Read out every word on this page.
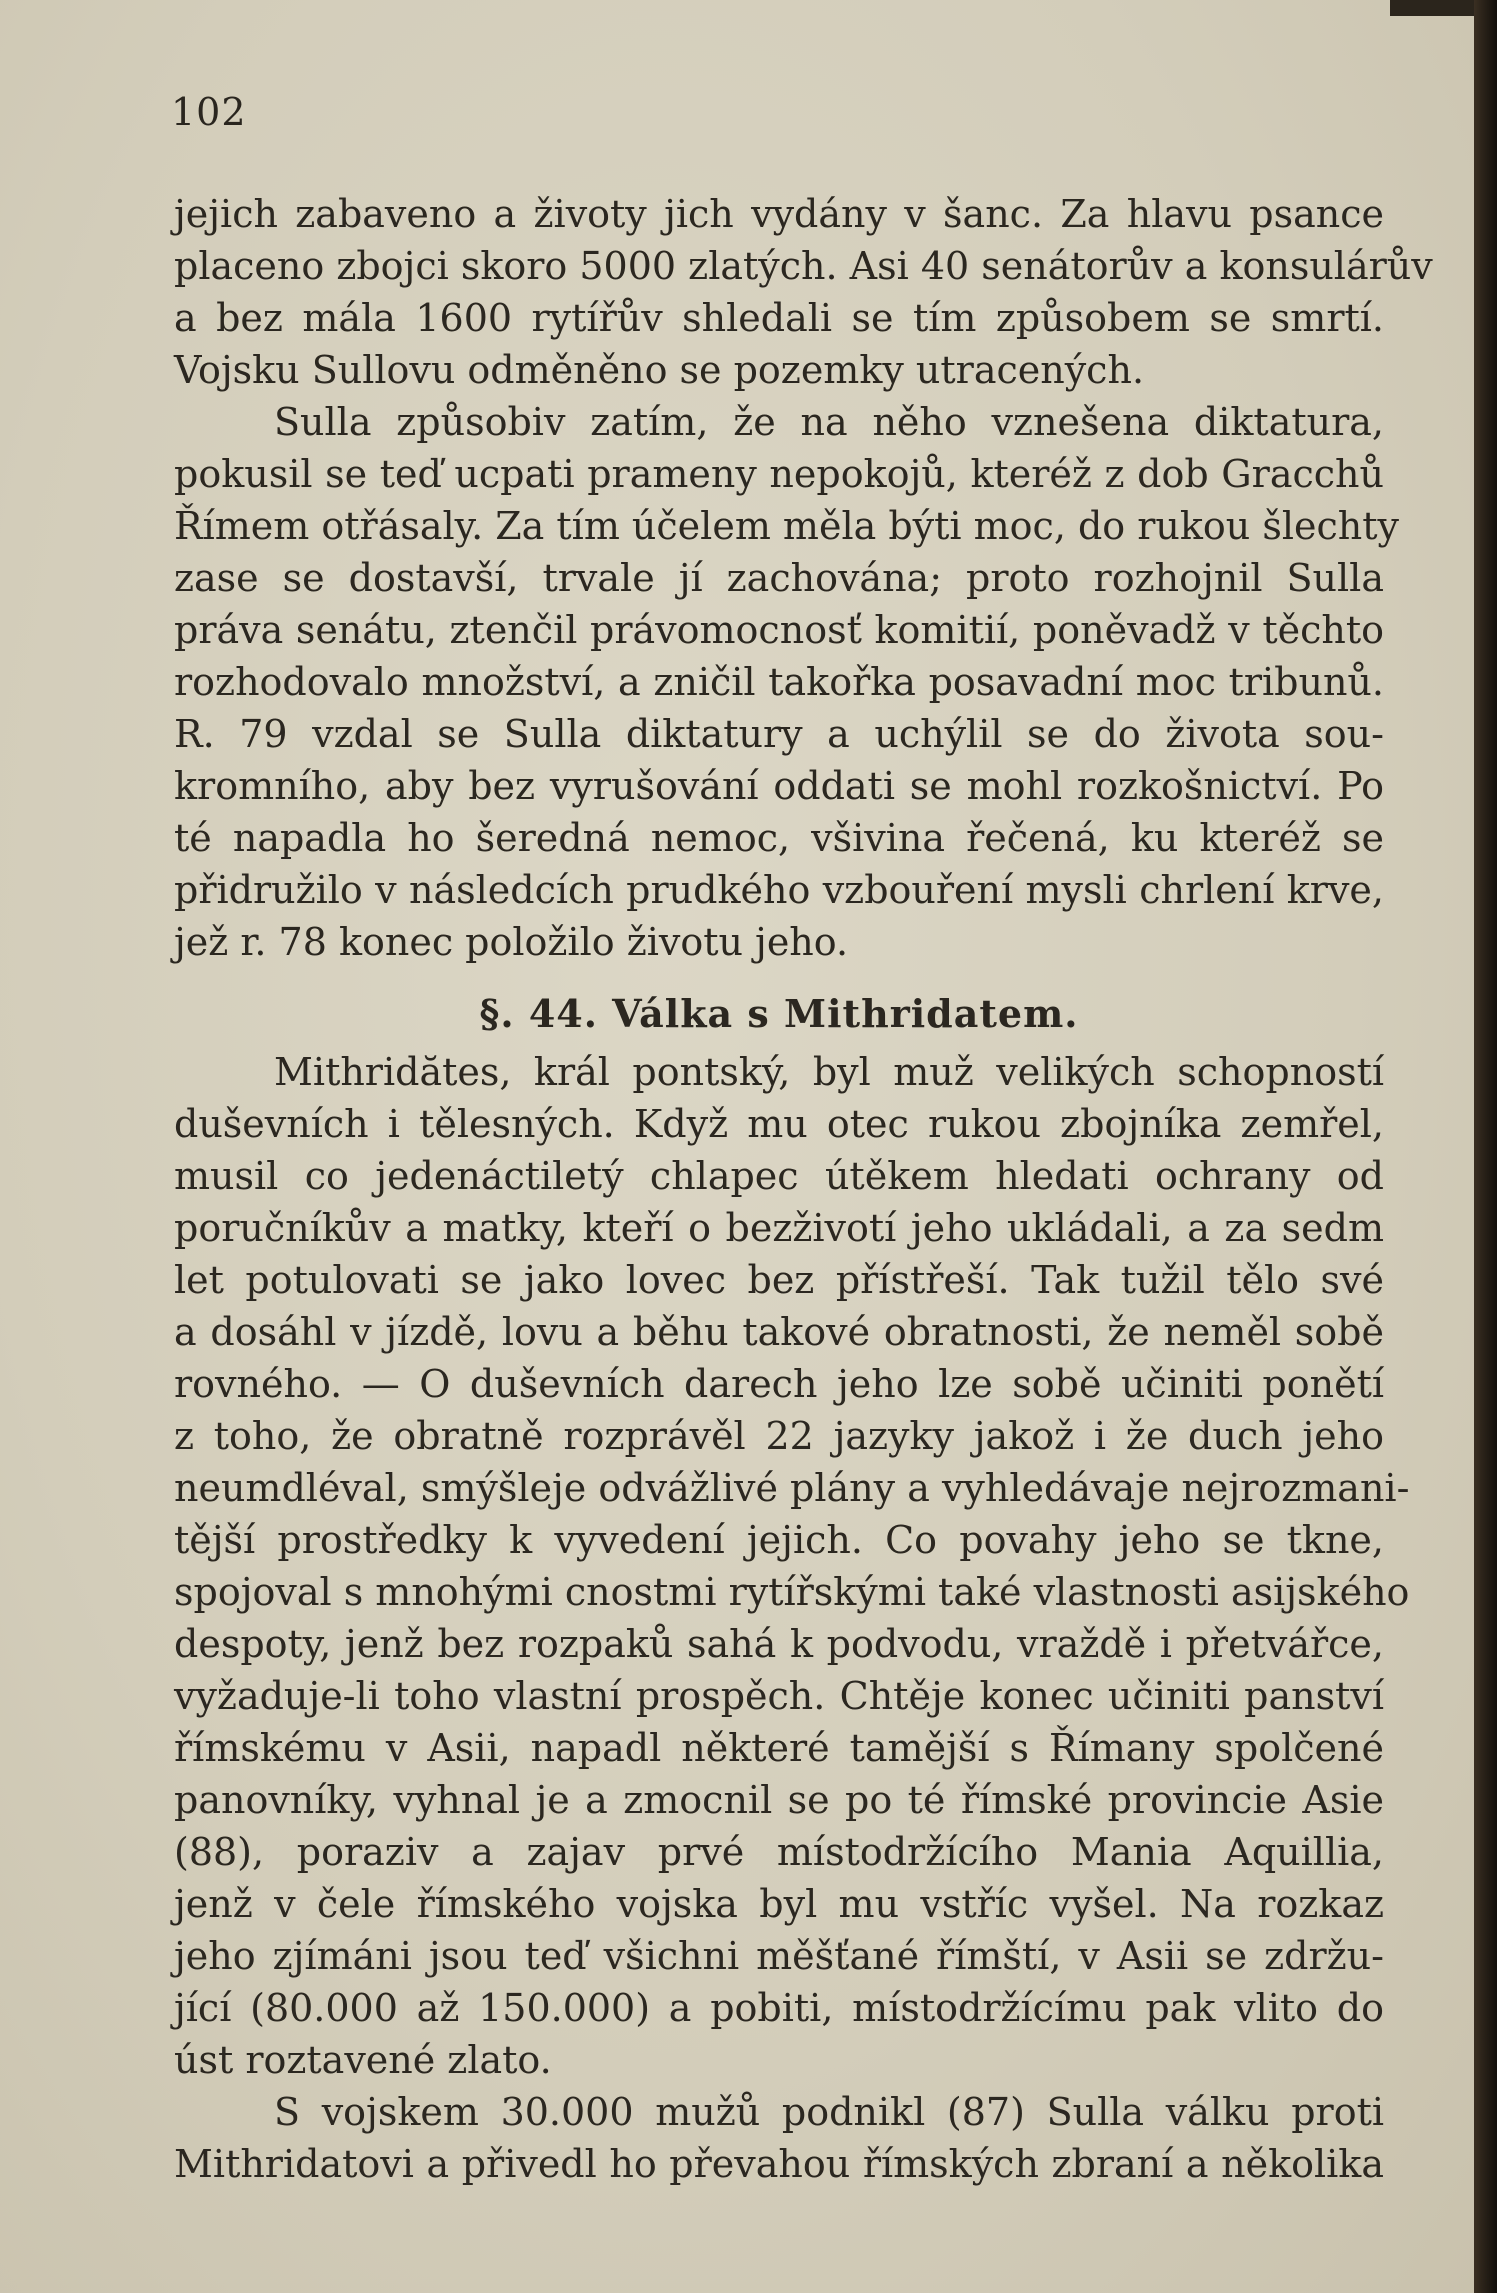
102
jejich zabaveno a životy jich vydány v šanc. Za hlavu psance
placeno zbojci skoro 5000 zlatých. Asi 40 senátorův a konsulárův
a bez mála 1600 rytířův shledali se tím způsobem se smrtí.
Vojsku Sullovu odměněno se pozemky utracených.
Sulla způsobiv zatím, že na něho vznešena diktatura,
pokusil se teď ucpati prameny nepokojů, kteréž z dob Gracchů
Římem otřásaly. Za tím účelem měla býti moc, do rukou šlechty
zase se dostavší, trvale jí zachována; proto rozhojnil Sulla
práva senátu, ztenčil právomocnosť komitií, poněvadž v těchto
rozhodovalo množství, a zničil takořka posavadní moc tribunů.
R. 79 vzdal se Sulla diktatury a uchýlil se do života sou-
kromního, aby bez vyrušování oddati se mohl rozkošnictví. Po
té napadla ho šeredná nemoc, všivina řečená, ku kteréž se
přidružilo v následcích prudkého vzbouření mysli chrlení krve,
jež r. 78 konec položilo životu jeho.
§. 44. Válka s Mithridatem.
Mithridătes, král pontský, byl muž velikých schopností
duševních i tělesných. Když mu otec rukou zbojníka zemřel,
musil co jedenáctiletý chlapec útěkem hledati ochrany od
poručníkův a matky, kteří o bezživotí jeho ukládali, a za sedm
let potulovati se jako lovec bez přístřeší. Tak tužil tělo své
a dosáhl v jízdě, lovu a běhu takové obratnosti, že neměl sobě
rovného. — O duševních darech jeho lze sobě učiniti ponětí
z toho, že obratně rozprávěl 22 jazyky jakož i že duch jeho
neumdléval, smýšleje odvážlivé plány a vyhledávaje nejrozmani-
tější prostředky k vyvedení jejich. Co povahy jeho se tkne,
spojoval s mnohými cnostmi rytířskými také vlastnosti asijského
despoty, jenž bez rozpaků sahá k podvodu, vraždě i přetvářce,
vyžaduje-li toho vlastní prospěch. Chtěje konec učiniti panství
římskému v Asii, napadl některé tamější s Římany spolčené
panovníky, vyhnal je a zmocnil se po té římské provincie Asie
(88), poraziv a zajav prvé místodržícího Mania Aquillia,
jenž v čele římského vojska byl mu vstříc vyšel. Na rozkaz
jeho zjímáni jsou teď všichni měšťané římští, v Asii se zdržu-
jící (80.000 až 150.000) a pobiti, místodržícímu pak vlito do
úst roztavené zlato.
S vojskem 30.000 mužů podnikl (87) Sulla válku proti
Mithridatovi a přivedl ho převahou římských zbraní a několika
